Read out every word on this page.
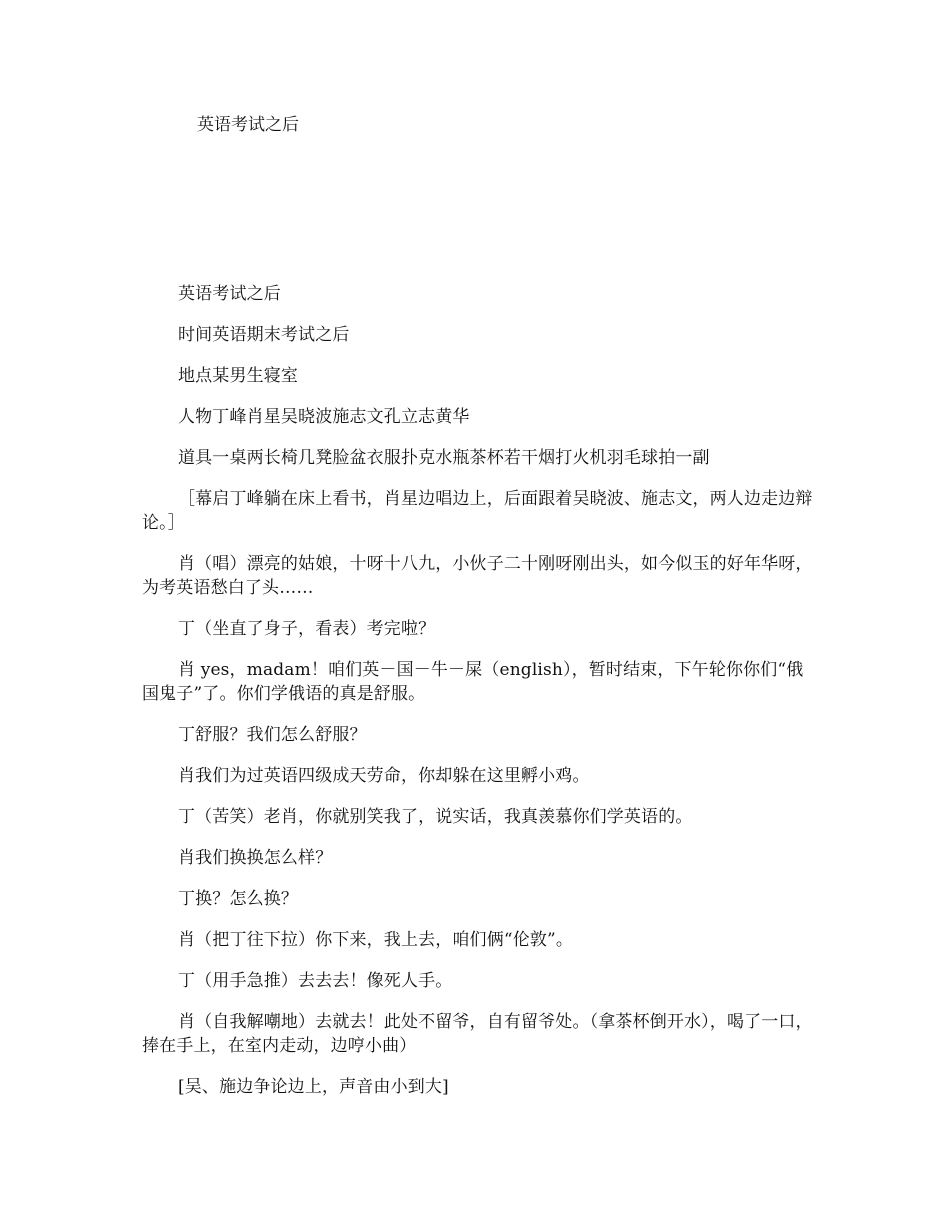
英语考试之后

英语考试之后

时间英语期末考试之后

地点某男生寝室

人物丁峰肖星吴晓波施志文孔立志黄华

道具一桌两长椅几凳脸盆衣服扑克水瓶茶杯若干烟打火机羽毛球拍一副

［幕启丁峰躺在床上看书，肖星边唱边上，后面跟着吴晓波、施志文，两人边走边辩论。］

肖（唱）漂亮的姑娘，十呀十八九，小伙子二十刚呀刚出头，如今似玉的好年华呀，为考英语愁白了头……

丁（坐直了身子，看表）考完啦？

肖 yes，madam！咱们英－国－牛－屎（english），暂时结束，下午轮你你们“俄国鬼子”了。你们学俄语的真是舒服。

丁舒服？我们怎么舒服？

肖我们为过英语四级成天劳命，你却躲在这里孵小鸡。

丁（苦笑）老肖，你就别笑我了，说实话，我真羡慕你们学英语的。

肖我们换换怎么样？

丁换？怎么换？

肖（把丁往下拉）你下来，我上去，咱们俩“伦敦”。

丁（用手急推）去去去！像死人手。

肖（自我解嘲地）去就去！此处不留爷，自有留爷处。（拿茶杯倒开水），喝了一口，捧在手上，在室内走动，边哼小曲）

[吴、施边争论边上，声音由小到大]
